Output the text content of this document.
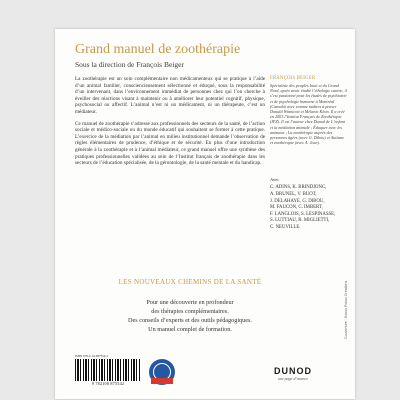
Grand manuel de zoothérapie
Sous la direction de François Beiger

La zoothérapie est un soin complémentaire non médicamenteux qui se pratique à l’aide d’un animal familier, consciencieusement sélectionné et éduqué, sous la responsabilité d’un intervenant, dans l’environnement immédiat de personnes chez qui l’on cherche à éveiller des réactions visant à maintenir ou à améliorer leur potentiel cognitif, physique, psychosocial ou affectif. L’animal n’est ni un médicament, ni un thérapeute, c’est un médiateur.

Ce manuel de zoothérapie s’adresse aux professionnels des secteurs de la santé, de l’action sociale et médico-sociale ou du monde éducatif qui souhaitent se former à cette pratique. L’exercice de la médiation par l’animal en milieu institutionnel demande l’observation de règles élémentaires de prudence, d’éthique et de sécurité. En plus d’une introduction générale à la zoothérapie et à l’animal médiateur, ce grand manuel offre une synthèse des pratiques professionnelles validées au sein de l’Institut français de zoothérapie dans les secteurs de l’éducation spécialisée, de la gérontologie, de la santé mentale et du handicap.

FRANÇOIS BEIGER
Spécialiste des peuples Inuit et du Grand Nord, après avoir étudié l’éthologie canine, il s’est passionné pour les études de psychiatrie et de psychologie humaine à Montréal (Canada) avec comme maîtres à penser Donald Winnicott et Mélanie Klein. Il a créé en 2003 l’Institut Français de Zoothérapie (IFZ). Il est l’auteur chez Dunod de L’enfant et la médiation animale ; Éduquer avec les animaux ; La zoothérapie auprès des personnes âgées (avec G. Dibou) et Autisme et zoothérapie (avec A. Jean).
Avec
C. ADINS, K. BRINDJONC,
A. BRUNEL, V. BUOT,
J. DELAHAYE, G. DIBOU,
M. FAUCON, C. IMBERT,
F. LANGLOIS, S. LESPINASSE,
S. LUTTIAU, R. MIGLIETTI,
C. NEUVILLE.
LES NOUVEAUX CHEMINS DE LA SANTÉ
Pour une découverte en profondeur
des thérapies complémentaires.
Des conseils d’experts et des outils pédagogiques.
Un manuel complet de formation.
ISBN 978-2-10-087554-2
9 782100 875542
DUNOD
une page d’avance
Couverture : Hokus Pokus Créations
